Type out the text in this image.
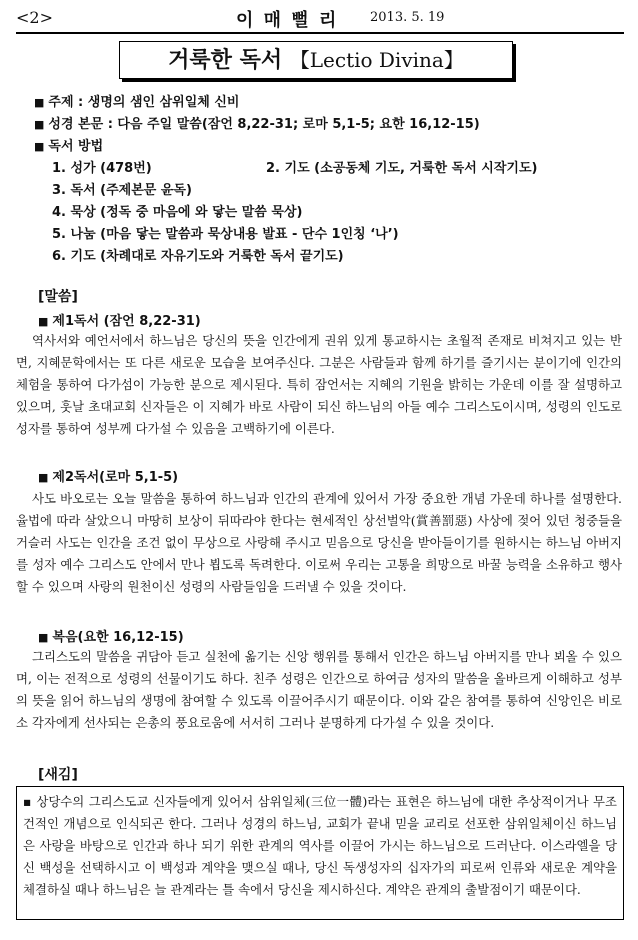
<2>	이 매 뻘 리 2013. 5. 19
거룩한 독서 【Lectio Divina】
■ 주제 : 생명의 샘인 삼위일체 신비
■ 성경 본문 : 다음 주일 말씀(잠언 8,22-31; 로마 5,1-5; 요한 16,12-15)
■ 독서 방법
1. 성가 (478번)	2. 기도 (소공동체 기도, 거룩한 독서 시작기도)
3. 독서 (주제본문 윤독)
4. 묵상 (정독 중 마음에 와 닿는 말씀 묵상)
5. 나눔 (마음 닿는 말씀과 묵상내용 발표 - 단수 1인칭 ‘나’)
6. 기도 (차례대로 자유기도와 거룩한 독서 끝기도)
[말씀]
■ 제1독서 (잠언 8,22-31)
역사서와 예언서에서 하느님은 당신의 뜻을 인간에게 권위 있게 통교하시는 초월적 존재로 비쳐지고 있는 반면, 지혜문학에서는 또 다른 새로운 모습을 보여주신다. 그분은 사람들과 함께 하기를 즐기시는 분이기에 인간의 체험을 통하여 다가섬이 가능한 분으로 제시된다. 특히 잠언서는 지혜의 기원을 밝히는 가운데 이를 잘 설명하고 있으며, 훗날 초대교회 신자들은 이 지혜가 바로 사람이 되신 하느님의 아들 예수 그리스도이시며, 성령의 인도로 성자를 통하여 성부께 다가설 수 있음을 고백하기에 이른다.
■ 제2독서(로마 5,1-5)
사도 바오로는 오늘 말씀을 통하여 하느님과 인간의 관계에 있어서 가장 중요한 개념 가운데 하나를 설명한다. 율법에 따라 살았으니 마땅히 보상이 뒤따라야 한다는 현세적인 상선벌악(賞善罰惡) 사상에 젖어 있던 청중들을 거슬러 사도는 인간을 조건 없이 무상으로 사랑해 주시고 믿음으로 당신을 받아들이기를 원하시는 하느님 아버지를 성자 예수 그리스도 안에서 만나 뵙도록 독려한다. 이로써 우리는 고통을 희망으로 바꿀 능력을 소유하고 행사할 수 있으며 사랑의 원천이신 성령의 사람들임을 드러낼 수 있을 것이다.
■ 복음(요한 16,12-15)
그리스도의 말씀을 귀담아 듣고 실천에 옮기는 신앙 행위를 통해서 인간은 하느님 아버지를 만나 뵈올 수 있으며, 이는 전적으로 성령의 선물이기도 하다. 친주 성령은 인간으로 하여금 성자의 말씀을 올바르게 이해하고 성부의 뜻을 읽어 하느님의 생명에 참여할 수 있도록 이끌어주시기 때문이다. 이와 같은 참여를 통하여 신앙인은 비로소 각자에게 선사되는 은총의 풍요로움에 서서히 그러나 분명하게 다가설 수 있을 것이다.
[새김]
▪ 상당수의 그리스도교 신자들에게 있어서 삼위일체(三位一體)라는 표현은 하느님에 대한 추상적이거나 무조건적인 개념으로 인식되곤 한다. 그러나 성경의 하느님, 교회가 끝내 믿을 교리로 선포한 삼위일체이신 하느님은 사랑을 바탕으로 인간과 하나 되기 위한 관계의 역사를 이끌어 가시는 하느님으로 드러난다. 이스라엘을 당신 백성을 선택하시고 이 백성과 계약을 맺으실 때나, 당신 독생성자의 십자가의 피로써 인류와 새로운 계약을 체결하실 때나 하느님은 늘 관계라는 틀 속에서 당신을 제시하신다. 계약은 관계의 출발점이기 때문이다.
